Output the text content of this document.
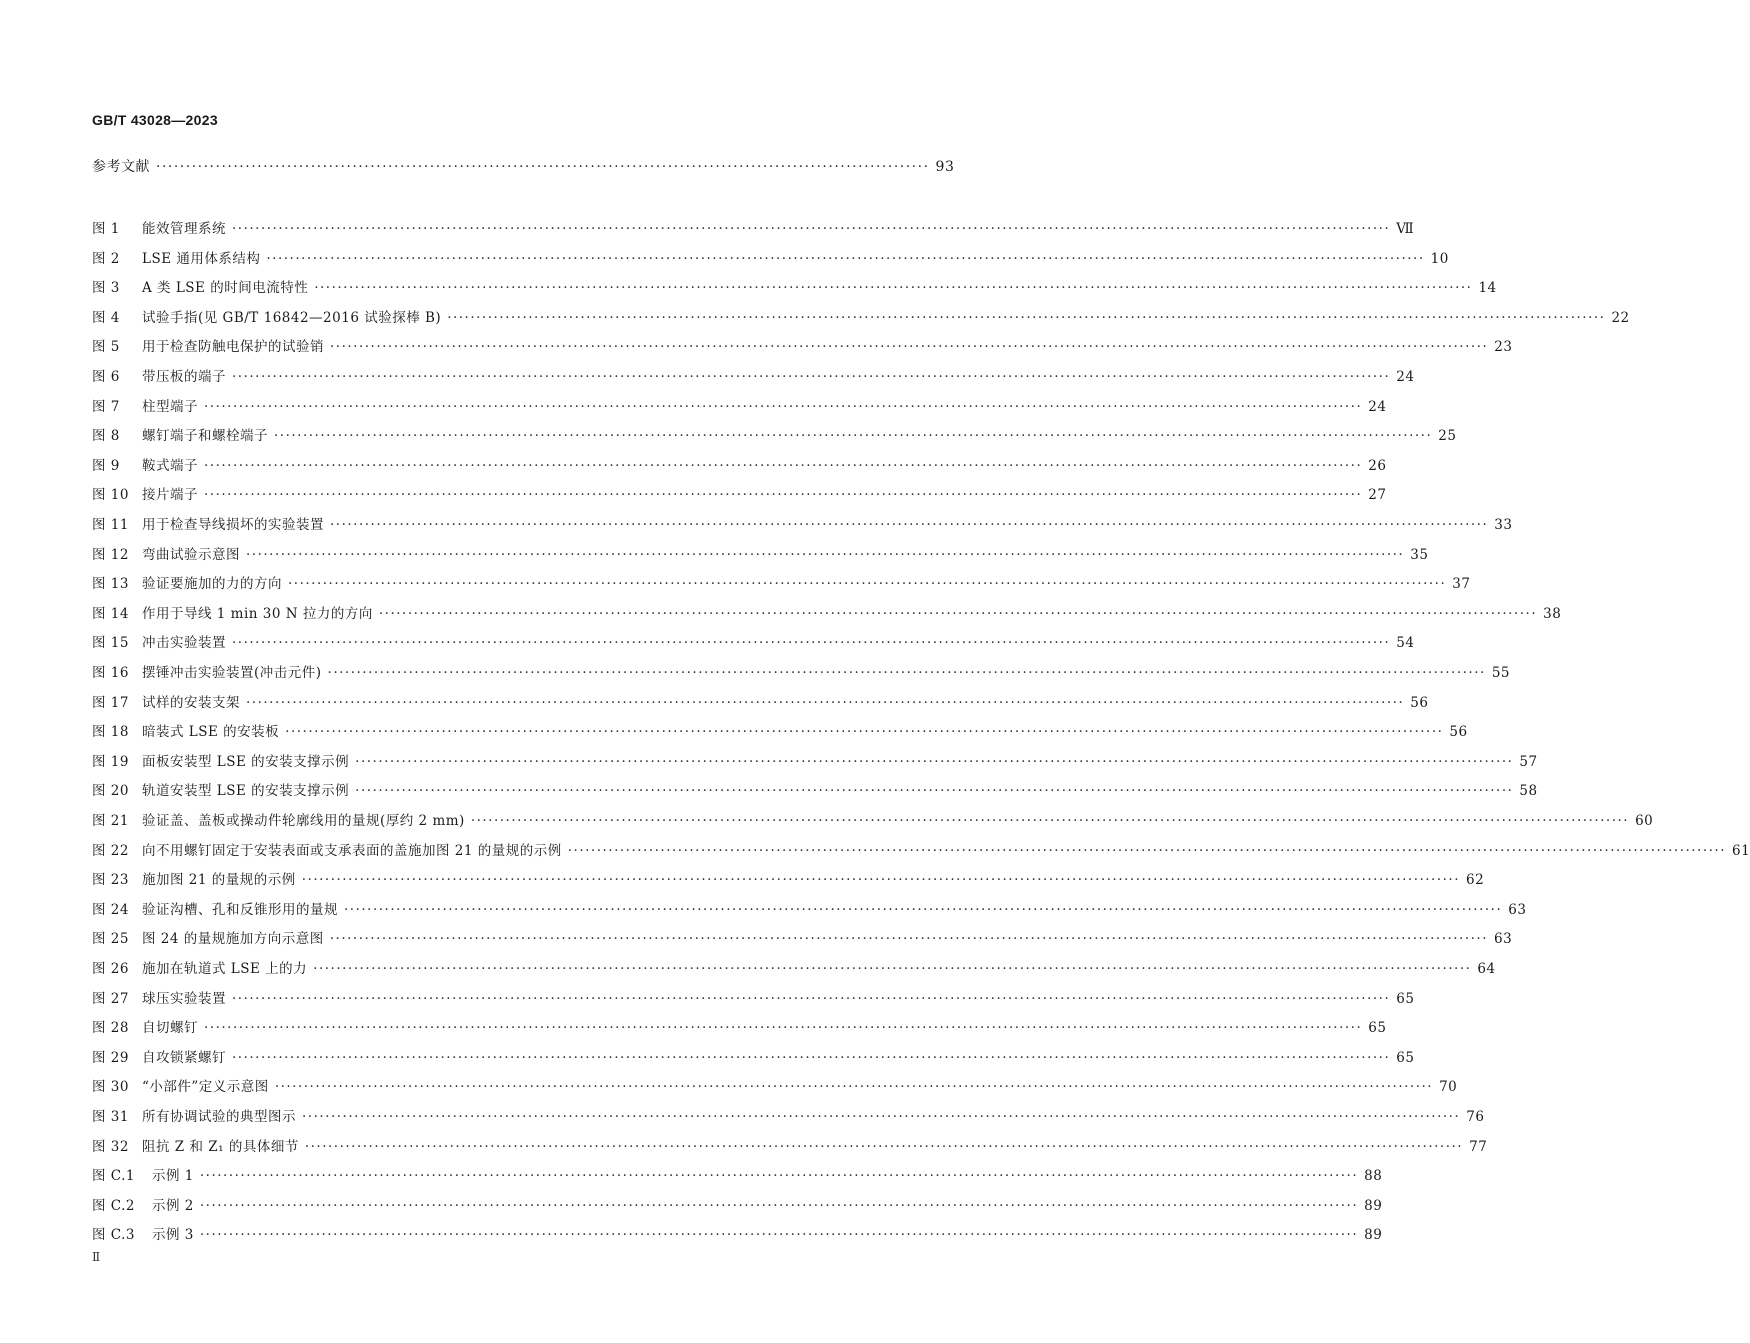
GB/T 43028—2023
参考文献 ·································································································································· 93
图 1	能效管理系统 ········································································································································································································ Ⅶ
图 2	LSE 通用体系结构 ········································································································································································································ 10
图 3	A 类 LSE 的时间电流特性 ········································································································································································································ 14
图 4	试验手指(见 GB/T 16842—2016 试验探棒 B) ········································································································································································································ 22
图 5	用于检查防触电保护的试验销 ········································································································································································································ 23
图 6	带压板的端子 ········································································································································································································ 24
图 7	柱型端子 ········································································································································································································ 24
图 8	螺钉端子和螺栓端子 ········································································································································································································ 25
图 9	鞍式端子 ········································································································································································································ 26
图 10 接片端子 ········································································································································································································ 27
图 11 用于检查导线损坏的实验装置 ········································································································································································································ 33
图 12 弯曲试验示意图 ········································································································································································································ 35
图 13 验证要施加的力的方向 ········································································································································································································ 37
图 14 作用于导线 1 min 30 N 拉力的方向 ········································································································································································································ 38
图 15 冲击实验装置 ········································································································································································································ 54
图 16 摆锤冲击实验装置(冲击元件) ········································································································································································································ 55
图 17 试样的安装支架 ········································································································································································································ 56
图 18 暗装式 LSE 的安装板 ········································································································································································································ 56
图 19 面板安装型 LSE 的安装支撑示例 ········································································································································································································ 57
图 20 轨道安装型 LSE 的安装支撑示例 ········································································································································································································ 58
图 21 验证盖、盖板或操动件轮廓线用的量规(厚约 2 mm) ········································································································································································································ 60
图 22 向不用螺钉固定于安装表面或支承表面的盖施加图 21 的量规的示例 ········································································································································································································ 61
图 23 施加图 21 的量规的示例 ········································································································································································································ 62
图 24 验证沟槽、孔和反锥形用的量规 ········································································································································································································ 63
图 25 图 24 的量规施加方向示意图 ········································································································································································································ 63
图 26 施加在轨道式 LSE 上的力 ········································································································································································································ 64
图 27 球压实验装置 ········································································································································································································ 65
图 28 自切螺钉 ········································································································································································································ 65
图 29 自攻锁紧螺钉 ········································································································································································································ 65
图 30 “小部件”定义示意图 ········································································································································································································ 70
图 31 所有协调试验的典型图示 ········································································································································································································ 76
图 32 阻抗 Z 和 Z₁ 的具体细节 ········································································································································································································ 77
图 C.1	示例 1 ········································································································································································································ 88
图 C.2	示例 2 ········································································································································································································ 89
图 C.3	示例 3 ········································································································································································································ 89
Ⅱ
